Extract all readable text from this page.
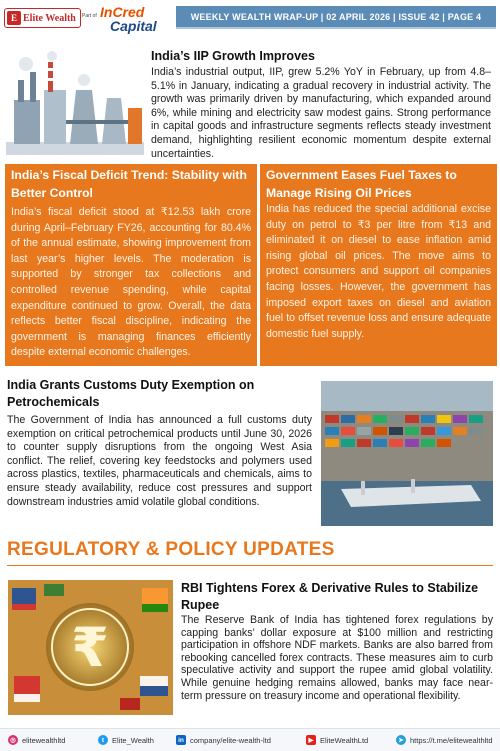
E Elite Wealth Part of InCred
Capital
WEEKLY WEALTH WRAP-UP | 02 APRIL 2026 | ISSUE 42 | PAGE 4
India’s IIP Growth Improves
India’s industrial output, IIP, grew 5.2% YoY in February, up from 4.8–5.1% in January, indicating a gradual recovery in industrial activity. The growth was primarily driven by manufacturing, which expanded around 6%, while mining and electricity saw modest gains. Strong performance in capital goods and infrastructure segments reflects steady investment demand, highlighting resilient economic momentum despite external uncertainties.
India’s Fiscal Deficit Trend: Stability with Better Control
India’s fiscal deficit stood at ₹12.53 lakh crore during April–February FY26, accounting for 80.4% of the annual estimate, showing improvement from last year’s higher levels. The moderation is supported by stronger tax collections and controlled revenue spending, while capital expenditure continued to grow. Overall, the data reflects better fiscal discipline, indicating the government is managing finances efficiently despite external economic challenges.
Government Eases Fuel Taxes to Manage Rising Oil Prices
India has reduced the special additional excise duty on petrol to ₹3 per litre from ₹13 and eliminated it on diesel to ease inflation amid rising global oil prices. The move aims to protect consumers and support oil companies facing losses. However, the government has imposed export taxes on diesel and aviation fuel to offset revenue loss and ensure adequate domestic fuel supply.
India Grants Customs Duty Exemption on Petrochemicals
The Government of India has announced a full customs duty exemption on critical petrochemical products until June 30, 2026 to counter supply disruptions from the ongoing West Asia conflict. The relief, covering key feedstocks and polymers used across plastics, textiles, pharmaceuticals and chemicals, aims to ensure steady availability, reduce cost pressures and support downstream industries amid volatile global conditions.
REGULATORY & POLICY UPDATES
₹
RBI Tightens Forex & Derivative Rules to Stabilize Rupee
The Reserve Bank of India has tightened forex regulations by capping banks’ dollar exposure at $100 million and restricting participation in offshore NDF markets. Banks are also barred from rebooking cancelled forex contracts. These measures aim to curb speculative activity and support the rupee amid global volatility. While genuine hedging remains allowed, banks may face near-term pressure on treasury income and operational flexibility.
◎ elitewealthltd	t	Elite_Wealth	in company/elite-wealth-ltd	▶ EliteWealthLtd	➤ https://t.me/elitewealthltd
